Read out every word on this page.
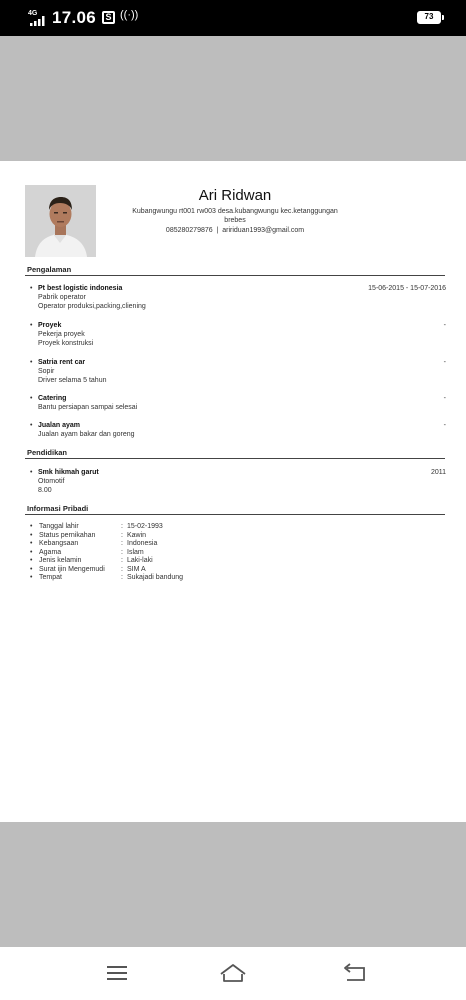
4G 17.06	S ((·))	73
Ari Ridwan
Kubangwungu rt001 rw003 desa.kubangwungu kec.ketanggungan
brebes
085280279876 | aririduan1993@gmail.com
Pengalaman
• Pt best logistic indonesia	15-06-2015 - 15-07-2016
Pabrik operator
Operator produksi,packing,cliening
• Proyek	-
Pekerja proyek
Proyek konstruksi
• Satria rent car	-
Sopir
Driver selama 5 tahun
• Catering	-
Bantu persiapan sampai selesai
• Jualan ayam	-
Jualan ayam bakar dan goreng
Pendidikan
• Smk hikmah garut	2011
Otomotif
8.00
Informasi Pribadi
• Tanggal lahir	: 15-02-1993
• Status pernikahan	: Kawin
• Kebangsaan	: Indonesia
• Agama	: Islam
• Jenis kelamin	: Laki-laki
• Surat ijin Mengemudi : SIM A
• Tempat	: Sukajadi bandung
